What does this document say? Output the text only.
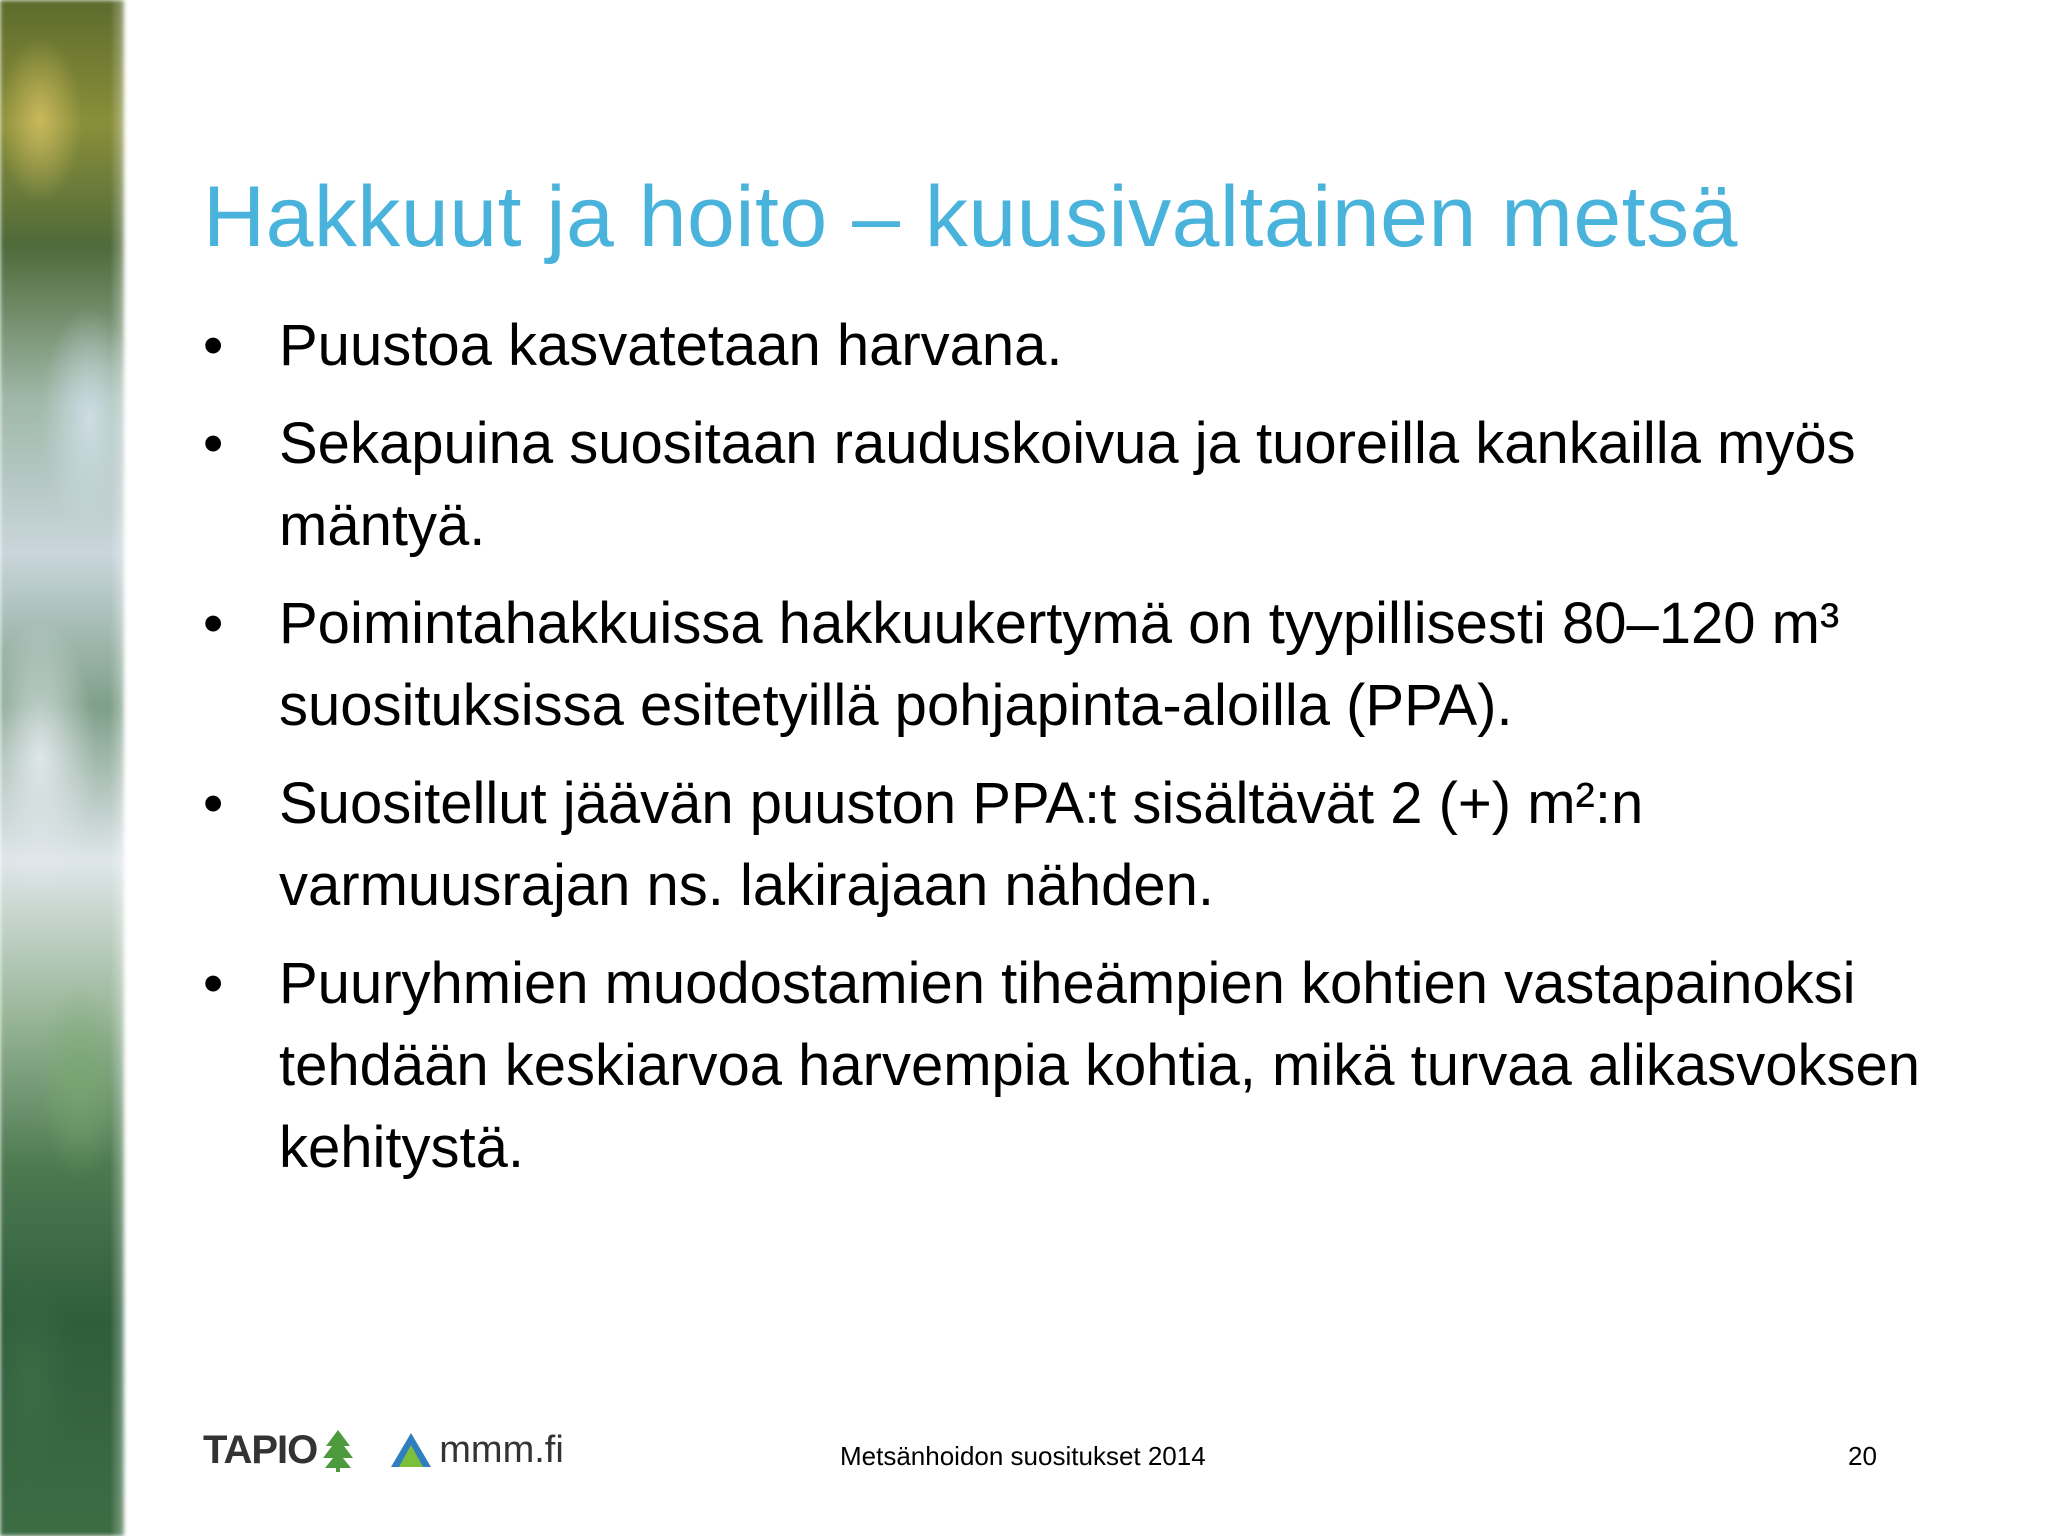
Hakkuut ja hoito – kuusivaltainen metsä
• Puustoa kasvatetaan harvana.
• Sekapuina suositaan rauduskoivua ja tuoreilla kankailla myös mäntyä.
• Poimintahakkuissa hakkuukertymä on tyypillisesti 80–120 m³ suosituksissa esitetyillä pohjapinta-aloilla (PPA).
• Suositellut jäävän puuston PPA:t sisältävät 2 (+) m²:n varmuusrajan ns. lakirajaan nähden.
• Puuryhmien muodostamien tiheämpien kohtien vastapainoksi tehdään keskiarvoa harvempia kohtia, mikä turvaa alikasvoksen kehitystä.
TAPIO	mmm.fi	Metsänhoidon suositukset 2014	20
